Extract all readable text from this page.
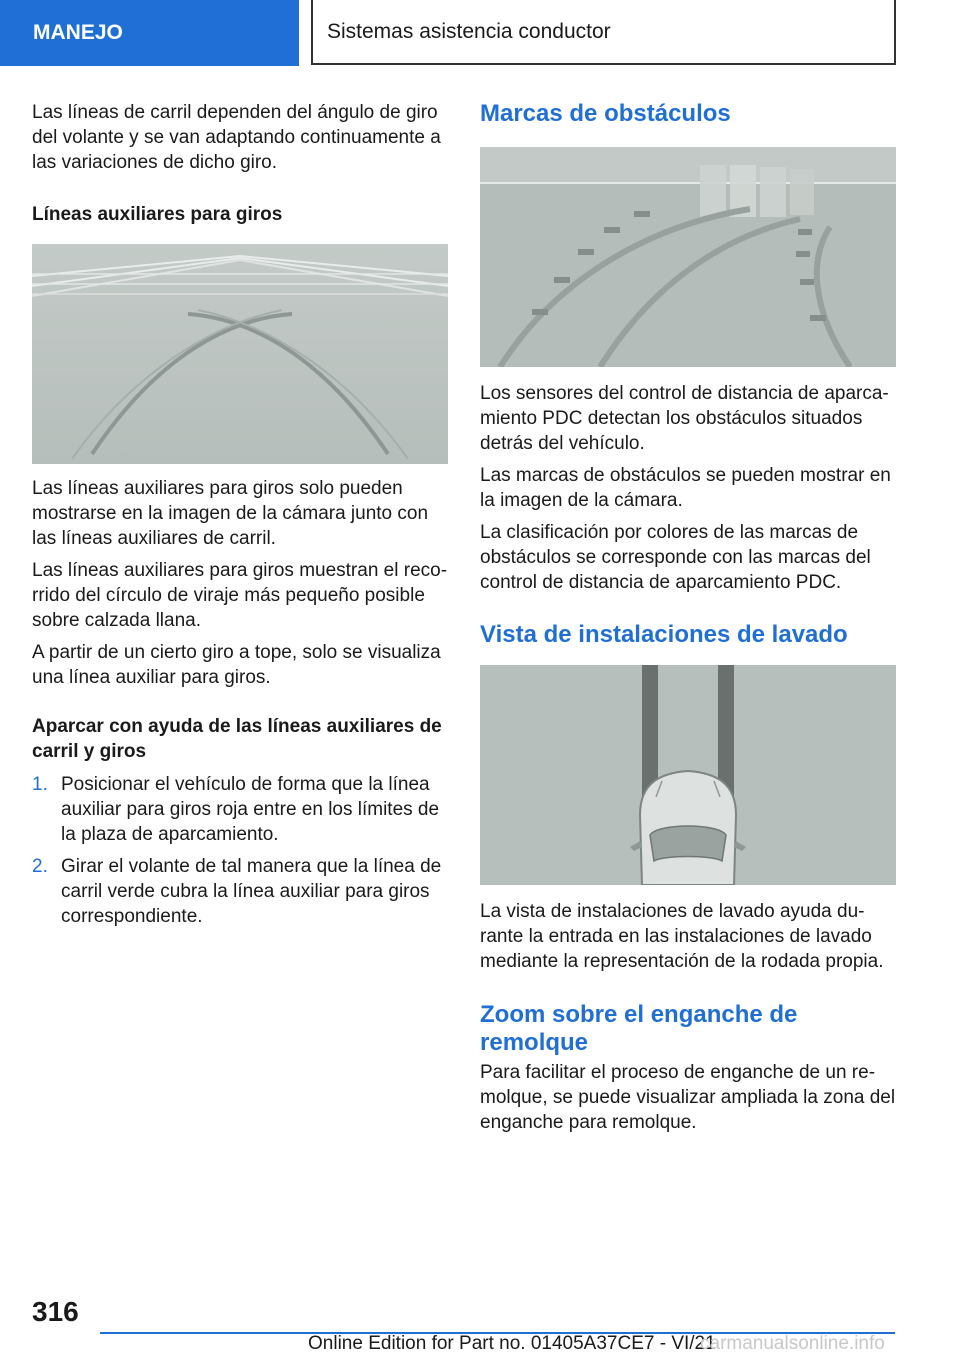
MANEJO	Sistemas asistencia conductor

Las líneas de carril dependen del ángulo de giro del volante y se van adaptando continuamente a las variaciones de dicho giro.

Líneas auxiliares para giros

Las líneas auxiliares para giros solo pueden mostrarse en la imagen de la cámara junto con las líneas auxiliares de carril.

Las líneas auxiliares para giros muestran el recorrido del círculo de viraje más pequeño posible sobre calzada llana.

A partir de un cierto giro a tope, solo se visualiza una línea auxiliar para giros.

Aparcar con ayuda de las líneas auxiliares de carril y giros
1. Posicionar el vehículo de forma que la línea auxiliar para giros roja entre en los límites de la plaza de aparcamiento.
2. Girar el volante de tal manera que la línea de carril verde cubra la línea auxiliar para giros correspondiente.
Marcas de obstáculos

Los sensores del control de distancia de aparcamiento PDC detectan los obstáculos situados detrás del vehículo.

Las marcas de obstáculos se pueden mostrar en la imagen de la cámara.

La clasificación por colores de las marcas de obstáculos se corresponde con las marcas del control de distancia de aparcamiento PDC.

Vista de instalaciones de lavado

La vista de instalaciones de lavado ayuda durante la entrada en las instalaciones de lavado mediante la representación de la rodada propia.

Zoom sobre el enganche de remolque

Para facilitar el proceso de enganche de un remolque, se puede visualizar ampliada la zona del enganche para remolque.

316
Online Edition for Part no. 01405A37CE7 - VI/21
carmanualsonline.info
